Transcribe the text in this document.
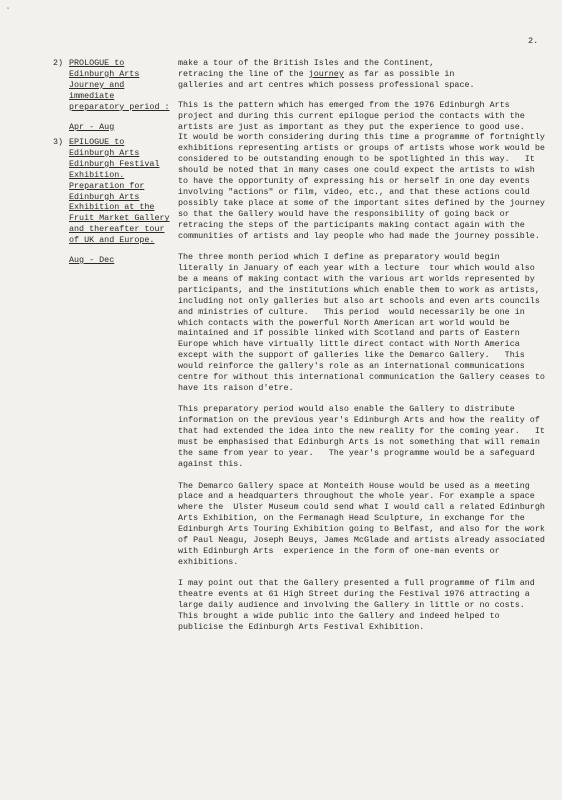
˘
2.
2) PROLOGUE to Edinburgh Arts Journey and immediate preparatory period :
Apr - Aug
3) EPILOGUE to Edinburgh Arts Edinburgh Festival Exhibition. Preparation for Edinburgh Arts Exhibition at the Fruit Market Gallery and thereafter tour of UK and Europe.
Aug - Dec

make a tour of the British Isles and the Continent,
retracing the line of the journey as far as possible in
galleries and art centres which possess professional space.

This is the pattern which has emerged from the 1976 Edinburgh Arts project and during this current epilogue period the contacts with the artists are just as important as they put the experience to good use.   It would be worth considering during this time a programme of fortnightly exhibitions representing artists or groups of artists whose work would be considered to be outstanding enough to be spotlighted in this way.   It should be noted that in many cases one could expect the artists to wish to have the opportunity of expressing his or herself in one day events involving "actions" or film, video, etc., and that these actions could possibly take place at some of the important sites defined by the journey so that the Gallery would have the responsibility of going back or retracing the steps of the participants making contact again with the communities of artists and lay people who had made the journey possible.

The three month period which I define as preparatory would begin literally in January of each year with a lecture  tour which would also be a means of making contact with the various art worlds represented by participants, and the institutions which enable them to work as artists, including not only galleries but also art schools and even arts councils and ministries of culture.   This period  would necessarily be one in which contacts with the powerful North American art world would be maintained and if possible linked with Scotland and parts of Eastern Europe which have virtually little direct contact with North America except with the support of galleries like the Demarco Gallery.   This would reinforce the gallery's role as an international communications centre for without this international communication the Gallery ceases to have its raison d'etre.

This preparatory period would also enable the Gallery to distribute information on the previous year's Edinburgh Arts and how the reality of that had extended the idea into the new reality for the coming year.   It must be emphasised that Edinburgh Arts is not something that will remain the same from year to year.   The year's programme would be a safeguard against this.

The Demarco Gallery space at Monteith House would be used as a meeting place and a headquarters throughout the whole year. For example a space where the  Ulster Museum could send what I would call a related Edinburgh Arts Exhibition, on the Fermanagh Head Sculpture, in exchange for the Edinburgh Arts Touring Exhibition going to Belfast, and also for the work of Paul Neagu, Joseph Beuys, James McGlade and artists already associated with Edinburgh Arts  experience in the form of one-man events or exhibitions.

I may point out that the Gallery presented a full programme of film and theatre events at 61 High Street during the Festival 1976 attracting a large daily audience and involving the Gallery in little or no costs.   This brought a wide public into the Gallery and indeed helped to publicise the Edinburgh Arts Festival Exhibition.
